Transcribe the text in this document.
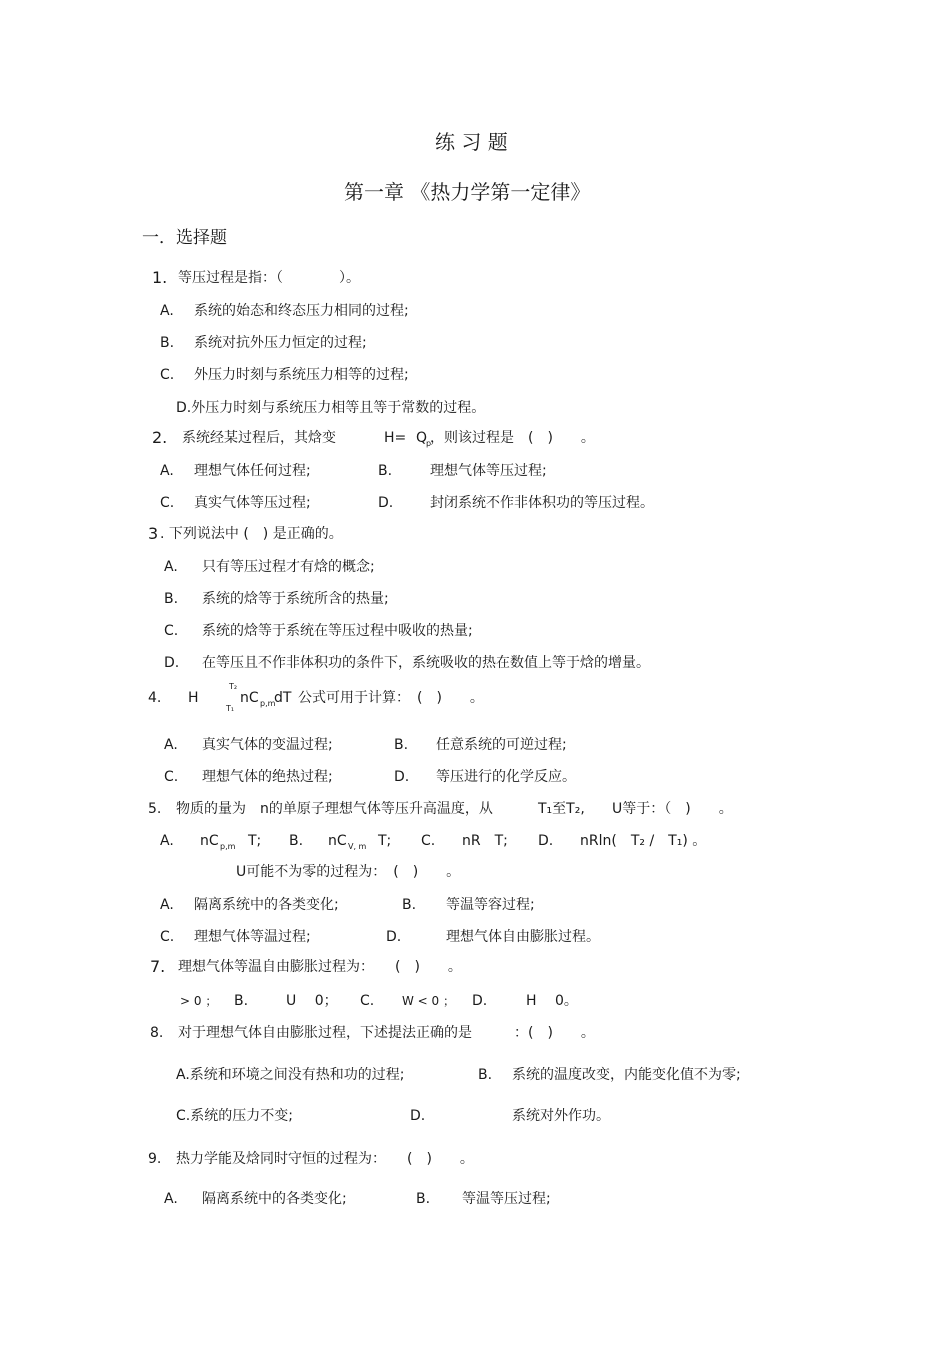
练 习 题
第一章 《热力学第一定律》
一．选择题
1. 等压过程是指：（　　　　）。
A. 系统的始态和终态压力相同的过程;
B. 系统对抗外压力恒定的过程;
C. 外压力时刻与系统压力相等的过程;
D.外压力时刻与系统压力相等且等于常数的过程。
2. 系统经某过程后，其焓变	H= Q
p
，则该过程是　(　)　　。
A. 理想气体任何过程;	B.	理想气体等压过程;
C. 真实气体等压过程;	D.	封闭系统不作非体积功的等压过程。
3 . 下列说法中 (　) 是正确的。
A. 只有等压过程才有焓的概念;
B. 系统的焓等于系统所含的热量;
C. 系统的焓等于系统在等压过程中吸收的热量;
D. 在等压且不作非体积功的条件下，系统吸收的热在数值上等于焓的增量。
4. H
T₂
T₁
nC p,m
dT 公式可用于计算：　(　)　　。
A. 真实气体的变温过程;	B. 任意系统的可逆过程;
C. 理想气体的绝热过程;	D. 等压进行的化学反应。
5. 物质的量为　n的单原子理想气体等压升高温度，从	T₁至T₂, U等于：（　)　　。
A. nC p,m T; B. nC V, m T; C. nR　T; D. nRln(　T₂ /　T₁) 。
U可能不为零的过程为：　(　)　　。
A. 隔离系统中的各类变化;	B. 等温等容过程;
C. 理想气体等温过程;	D.	理想气体自由膨胀过程。
7. 理想气体等温自由膨胀过程为：　　(　)　　。
> 0 ； B.	U　 0； C. W < 0 ； D.	H　 0。
8. 对于理想气体自由膨胀过程，下述提法正确的是　　　：(　)　　。
A.系统和环境之间没有热和功的过程;	B. 系统的温度改变，内能变化值不为零;
C.系统的压力不变;	D.	系统对外作功。
9. 热力学能及焓同时守恒的过程为：　　(　)　　。
A. 隔离系统中的各类变化;	B. 等温等压过程;
